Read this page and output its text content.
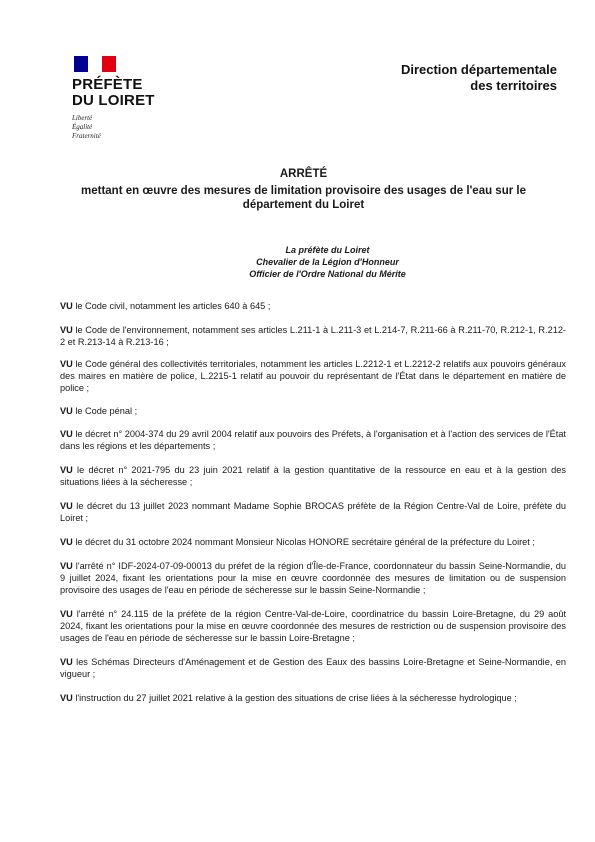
PRÉFÈTE
DU LOIRET
Liberté
Égalité
Fraternité
Direction départementale
des territoires
ARRÊTÉ
mettant en œuvre des mesures de limitation provisoire des usages de l'eau sur le département du Loiret
La préfète du Loiret
Chevalier de la Légion d'Honneur
Officier de l'Ordre National du Mérite

VU le Code civil, notamment les articles 640 à 645 ;

VU le Code de l'environnement, notamment ses articles L.211-1 à L.211-3 et L.214-7, R.211-66 à R.211-70, R.212-1, R.212-2 et R.213-14 à R.213-16 ;

VU le Code général des collectivités territoriales, notamment les articles L.2212-1 et L.2212-2 relatifs aux pouvoirs généraux des maires en matière de police, L.2215-1 relatif au pouvoir du représentant de l'État dans le département en matière de police ;

VU le Code pénal ;

VU le décret n° 2004-374 du 29 avril 2004 relatif aux pouvoirs des Préfets, à l'organisation et à l'action des services de l'État dans les régions et les départements ;

VU le décret n° 2021-795 du 23 juin 2021 relatif à la gestion quantitative de la ressource en eau et à la gestion des situations liées à la sécheresse ;

VU le décret du 13 juillet 2023 nommant Madame Sophie BROCAS préfète de la Région Centre-Val de Loire, préfète du Loiret ;

VU le décret du 31 octobre 2024 nommant Monsieur Nicolas HONORE secrétaire général de la préfecture du Loiret ;

VU l'arrêté n° IDF-2024-07-09-00013 du préfet de la région d'Île-de-France, coordonnateur du bassin Seine-Normandie, du 9 juillet 2024, fixant les orientations pour la mise en œuvre coordonnée des mesures de limitation ou de suspension provisoire des usages de l'eau en période de sécheresse sur le bassin Seine-Normandie ;

VU l'arrêté n° 24.115 de la préfète de la région Centre-Val-de-Loire, coordinatrice du bassin Loire-Bretagne, du 29 août 2024, fixant les orientations pour la mise en œuvre coordonnée des mesures de restriction ou de suspension provisoire des usages de l'eau en période de sécheresse sur le bassin Loire-Bretagne ;

VU les Schémas Directeurs d'Aménagement et de Gestion des Eaux des bassins Loire-Bretagne et Seine-Normandie, en vigueur ;

VU l'instruction du 27 juillet 2021 relative à la gestion des situations de crise liées à la sécheresse hydrologique ;
